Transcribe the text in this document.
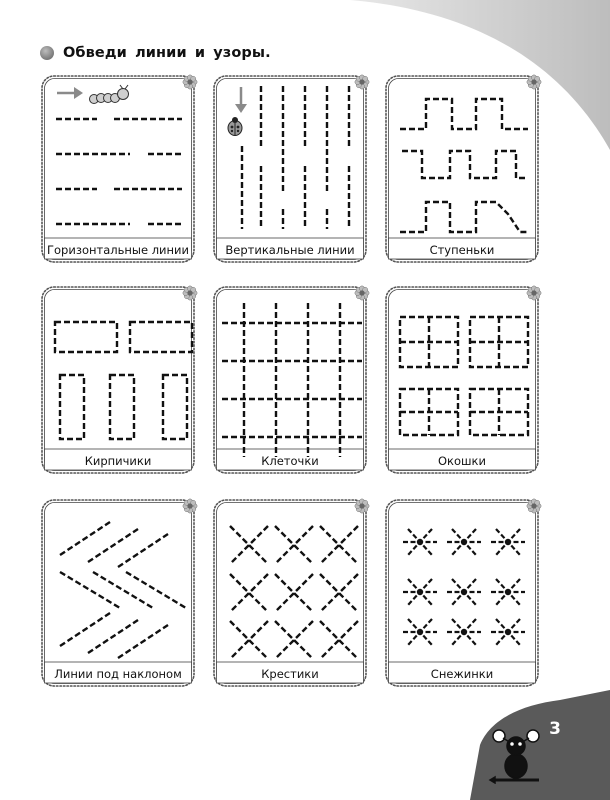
Обведи линии и узоры.
Горизонтальные линии	Вертикальные линии	Ступеньки
Кирпичики	Клеточки	Окошки
Линии под наклоном	Крестики	Снежинки
3
